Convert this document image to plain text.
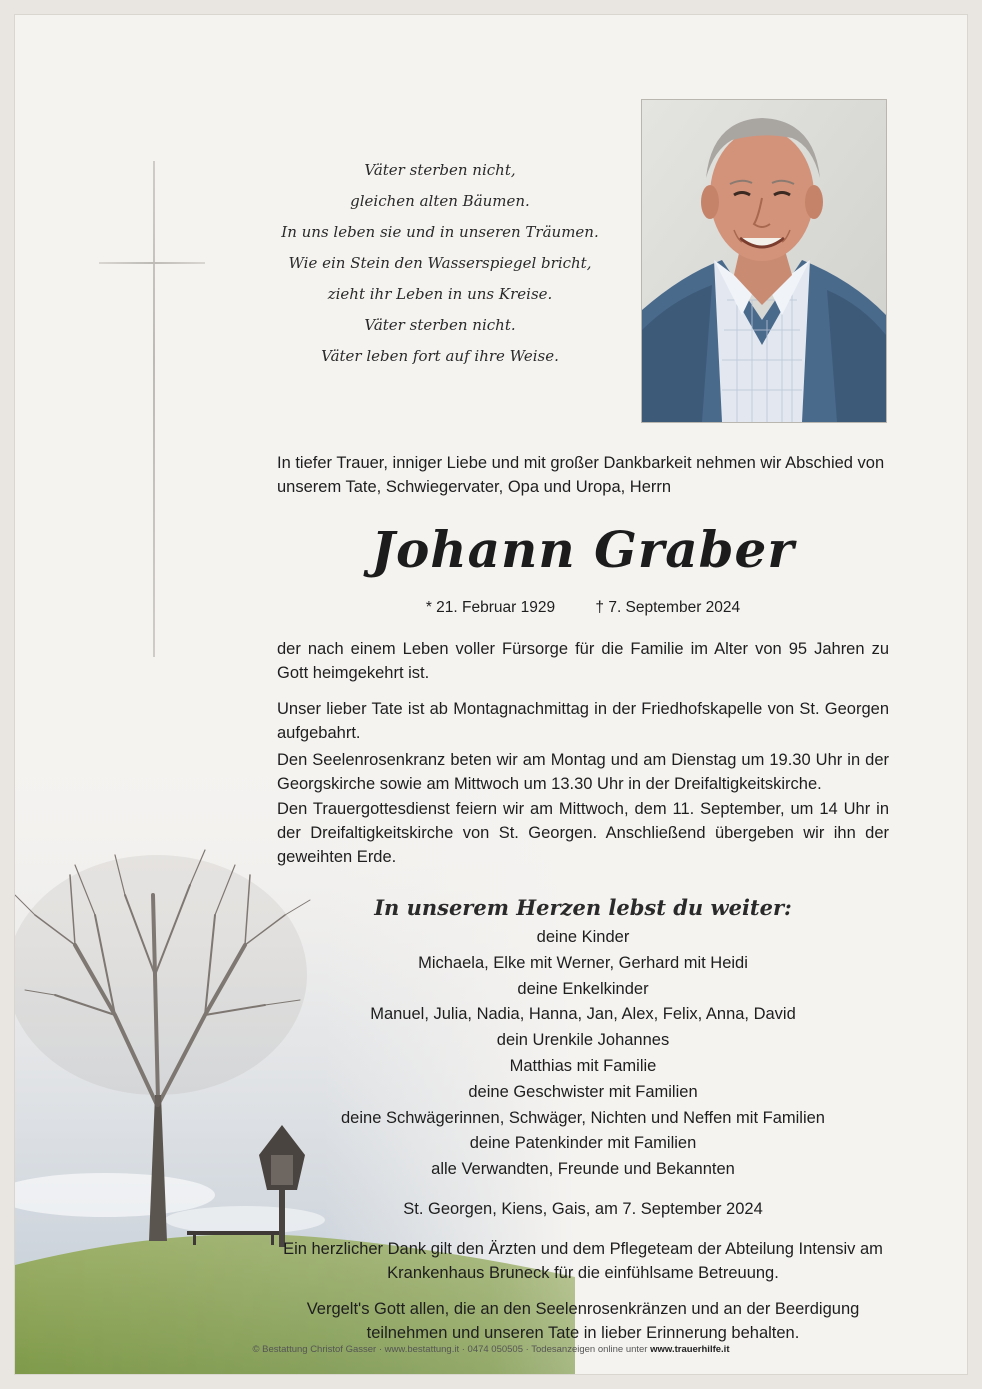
Väter sterben nicht,
gleichen alten Bäumen.
In uns leben sie und in unseren Träumen.
Wie ein Stein den Wasserspiegel bricht,
zieht ihr Leben in uns Kreise.
Väter sterben nicht.
Väter leben fort auf ihre Weise.

In tiefer Trauer, inniger Liebe und mit großer Dankbarkeit nehmen wir Abschied von unserem Tate, Schwiegervater, Opa und Uropa, Herrn

Johann Graber
* 21. Februar 1929	† 7. September 2024

der nach einem Leben voller Fürsorge für die Familie im Alter von 95 Jahren zu Gott heimgekehrt ist.

Unser lieber Tate ist ab Montagnachmittag in der Friedhofskapelle von St. Georgen aufgebahrt.

Den Seelenrosenkranz beten wir am Montag und am Dienstag um 19.30 Uhr in der Georgskirche sowie am Mittwoch um 13.30 Uhr in der Dreifaltigkeitskirche.

Den Trauergottesdienst feiern wir am Mittwoch, dem 11. September, um 14 Uhr in der Dreifaltigkeitskirche von St. Georgen. Anschließend übergeben wir ihn der geweihten Erde.

In unserem Herzen lebst du weiter:
deine Kinder
Michaela, Elke mit Werner, Gerhard mit Heidi
deine Enkelkinder
Manuel, Julia, Nadia, Hanna, Jan, Alex, Felix, Anna, David
dein Urenkile Johannes
Matthias mit Familie
deine Geschwister mit Familien
deine Schwägerinnen, Schwäger, Nichten und Neffen mit Familien
deine Patenkinder mit Familien
alle Verwandten, Freunde und Bekannten

St. Georgen, Kiens, Gais, am 7. September 2024

Ein herzlicher Dank gilt den Ärzten und dem Pflegeteam der Abteilung Intensiv am Krankenhaus Bruneck für die einfühlsame Betreuung.

Vergelt's Gott allen, die an den Seelenrosenkränzen und an der Beerdigung teilnehmen und unseren Tate in lieber Erinnerung behalten.

© Bestattung Christof Gasser · www.bestattung.it · 0474 050505 · Todesanzeigen online unter www.trauerhilfe.it
